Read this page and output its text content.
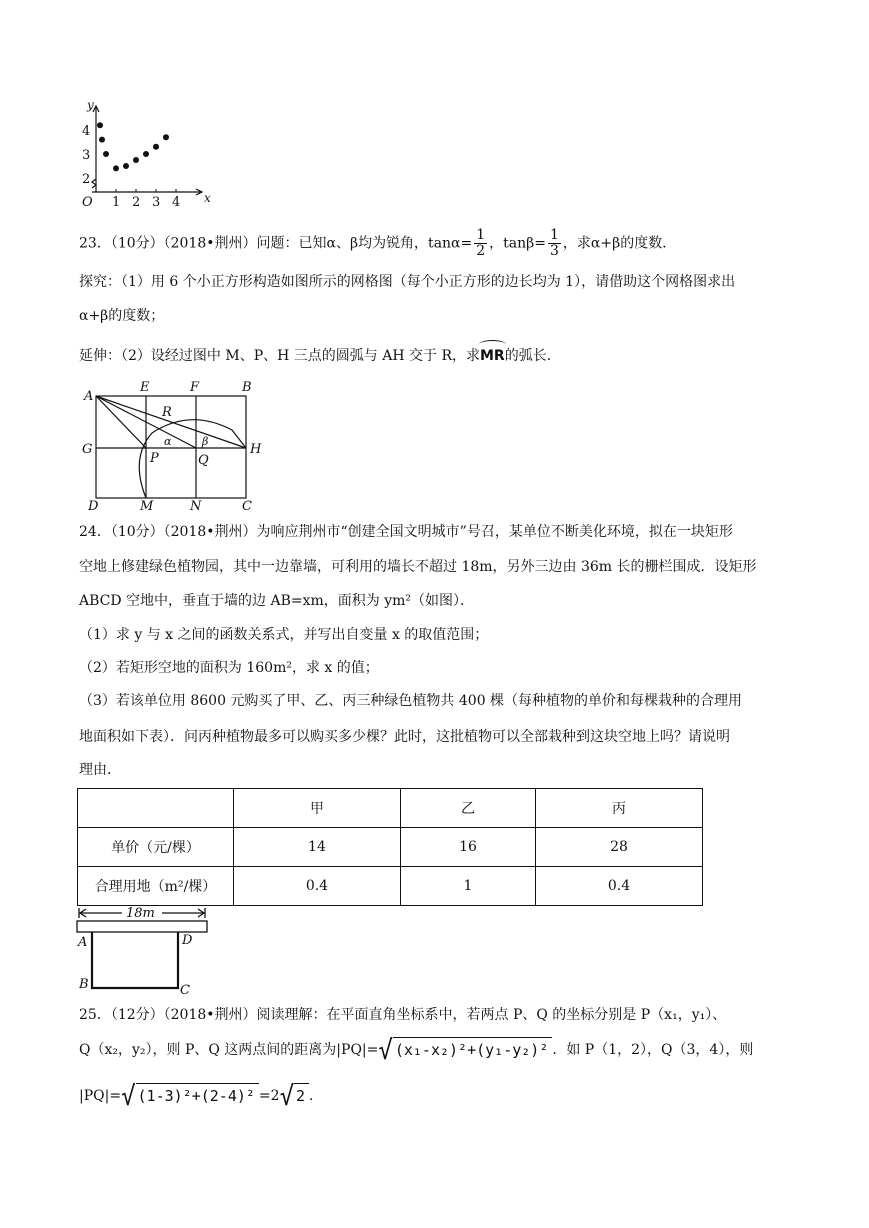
1 2 3 4
4
3
2
O	x
y
23．（10分）（2018•荆州）问题：已知α、β均为锐角，$\tan\alpha= \frac{1}{2}$ ，$\tan\beta= \frac{1}{3}$ ，求α+β的度数．
探究：（1）用 6 个小正方形构造如图所示的网格图（每个小正方形的边长均为 1），请借助这个网格图求出
α+β的度数；
延伸：（2）设经过图中 M、P、H 三点的圆弧与 AH 交于 R，求MR的弧长．
A
E	F	B
G	H
D	M	N	C
P	Q
R
α	β
24．（10分）（2018•荆州）为响应荆州市“创建全国文明城市”号召，某单位不断美化环境，拟在一块矩形
空地上修建绿色植物园，其中一边靠墙，可利用的墙长不超过 18m，另外三边由 36m 长的栅栏围成．设矩形
ABCD 空地中，垂直于墙的边 AB=xm，面积为 ym²（如图）．
（1）求 y 与 x 之间的函数关系式，并写出自变量 x 的取值范围；
（2）若矩形空地的面积为 160m²，求 x 的值；
（3）若该单位用 8600 元购买了甲、乙、丙三种绿色植物共 400 棵（每种植物的单价和每棵栽种的合理用
地面积如下表）．问丙种植物最多可以购买多少棵？此时，这批植物可以全部栽种到这块空地上吗？请说明
理由．
	甲	乙	丙
单价（元/棵）	14	16	28
合理用地（m²/棵）	0.4	1	0.4
18m
A	D
B	C
25．（12分）（2018•荆州）阅读理解：在平面直角坐标系中，若两点 P、Q 的坐标分别是 P（x₁，y₁）、
Q（x₂，y₂），则 P、Q 这两点间的距离为|PQ|= √ (x₁-x₂)²+(y₁-y₂)² ．如 P（1，2），Q（3，4），则
|PQ|= √ (1-3)²+(2-4)² =2 √ 2 ．
